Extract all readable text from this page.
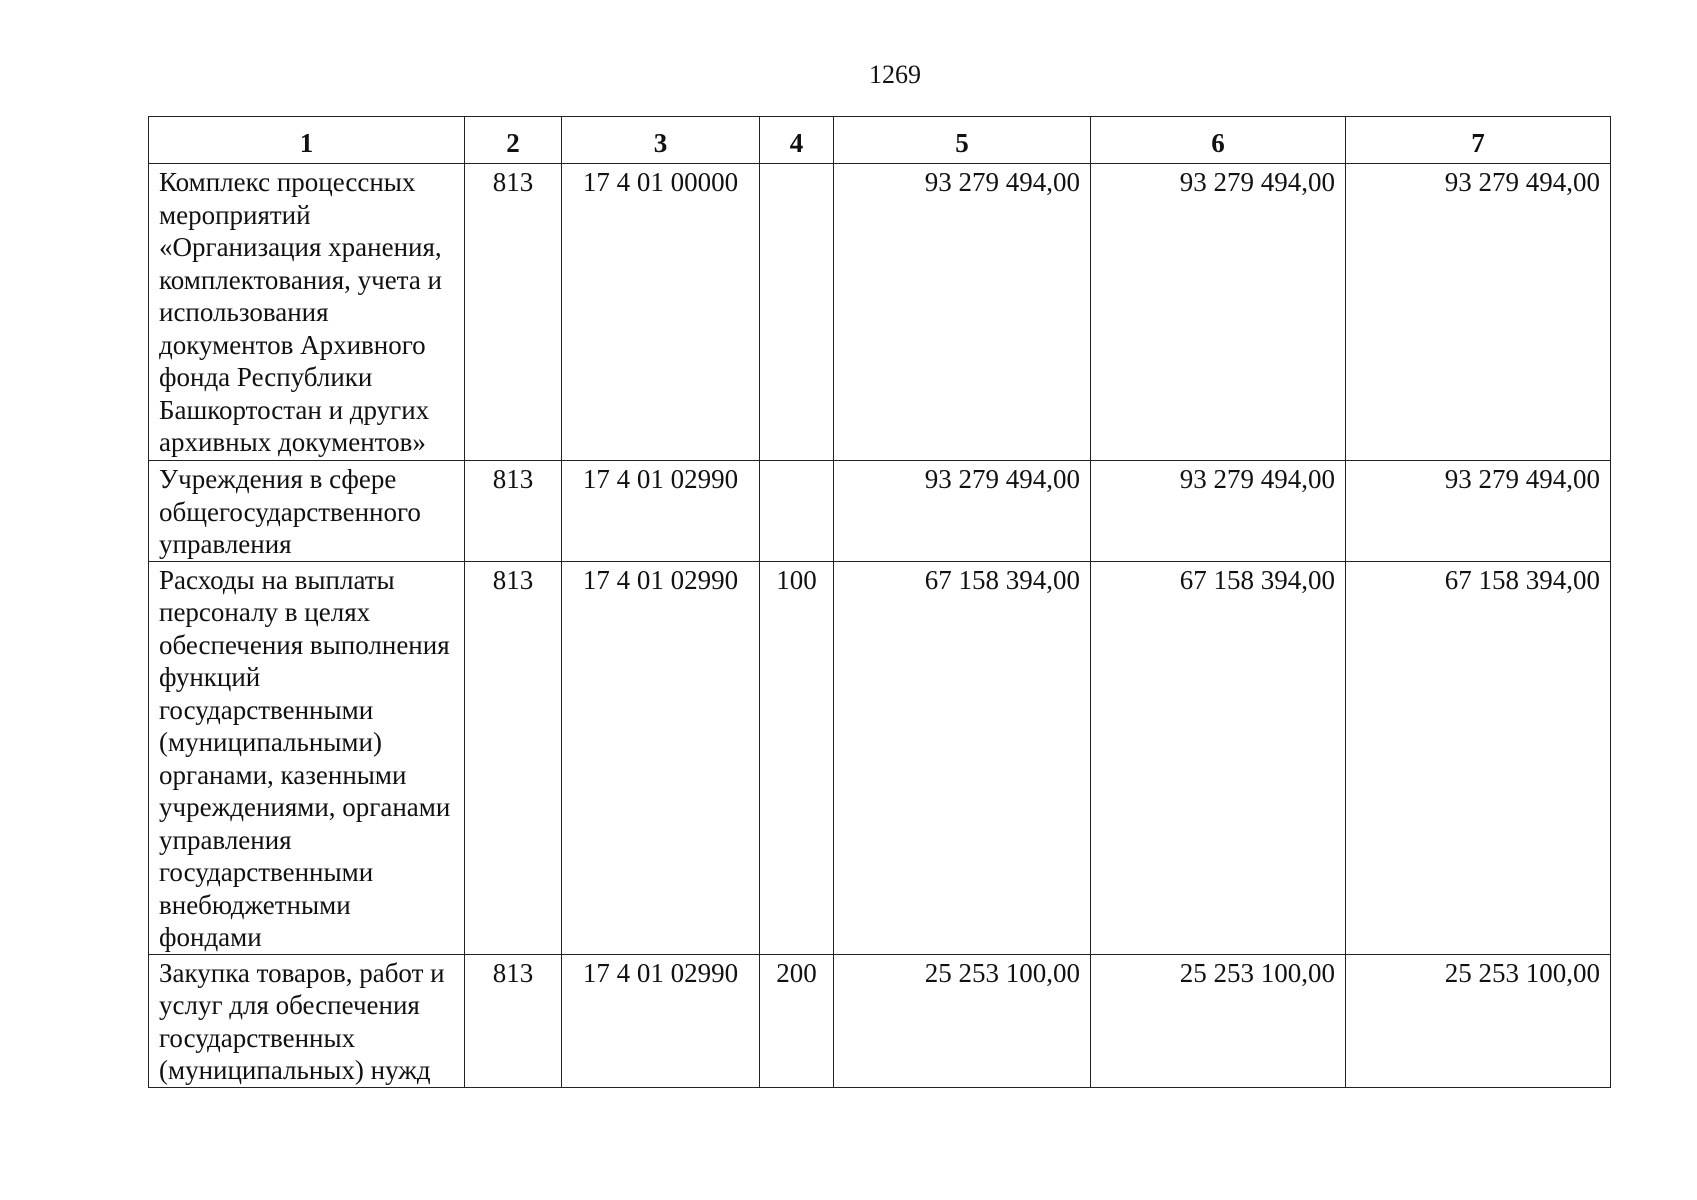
1269
1	2	3	4	5	6	7
Комплекс процессных мероприятий «Организация хранения, комплектования, учета и использования документов Архивного фонда Республики Башкортостан и других архивных документов»	813	17 4 01 00000		93 279 494,00	93 279 494,00	93 279 494,00
Учреждения в сфере общегосударственного управления	813	17 4 01 02990		93 279 494,00	93 279 494,00	93 279 494,00
Расходы на выплаты персоналу в целях обеспечения выполнения функций государственными (муниципальными) органами, казенными учреждениями, органами управления государственными внебюджетными фондами	813	17 4 01 02990	100	67 158 394,00	67 158 394,00	67 158 394,00
Закупка товаров, работ и услуг для обеспечения государственных (муниципальных) нужд	813	17 4 01 02990	200	25 253 100,00	25 253 100,00	25 253 100,00
